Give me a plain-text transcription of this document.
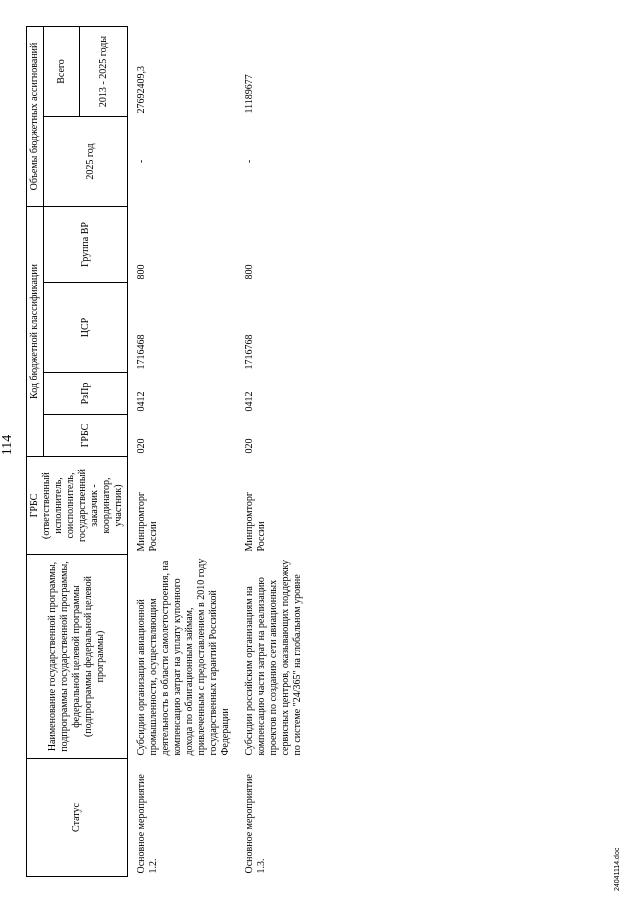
114
Статус	Наименование государственной программы, подпрограммы государственной программы, федеральной целевой программы (подпрограммы федеральной целевой программы)	ГРБС (ответственный исполнитель, соисполнитель, государственный заказчик - координатор, участник)	Код бюджетной классификации				Объемы бюджетных ассигнований	
			ГРБС	РзПр	ЦСР	Группа ВР	2025 год	Всего
								2013 - 2025 годы
Основное мероприятие 1.2.	Субсидии организации авиационной промышленности, осуществляющим деятельность в области самолетостроения, на компенсацию затрат на уплату купонного дохода по облигационным займам, привлеченным с предоставлением в 2010 году государственных гарантий Российской Федерации	Минпромторг России	020	0412	1716468	800	-	27692409,3
Основное мероприятие 1.3.	Субсидии российским организациям на компенсацию части затрат на реализацию проектов по созданию сети авиационных сервисных центров, оказывающих поддержку по системе "24/365" на глобальном уровне	Минпромторг России	020	0412	1716768	800	-	11189677
24041114.doc
